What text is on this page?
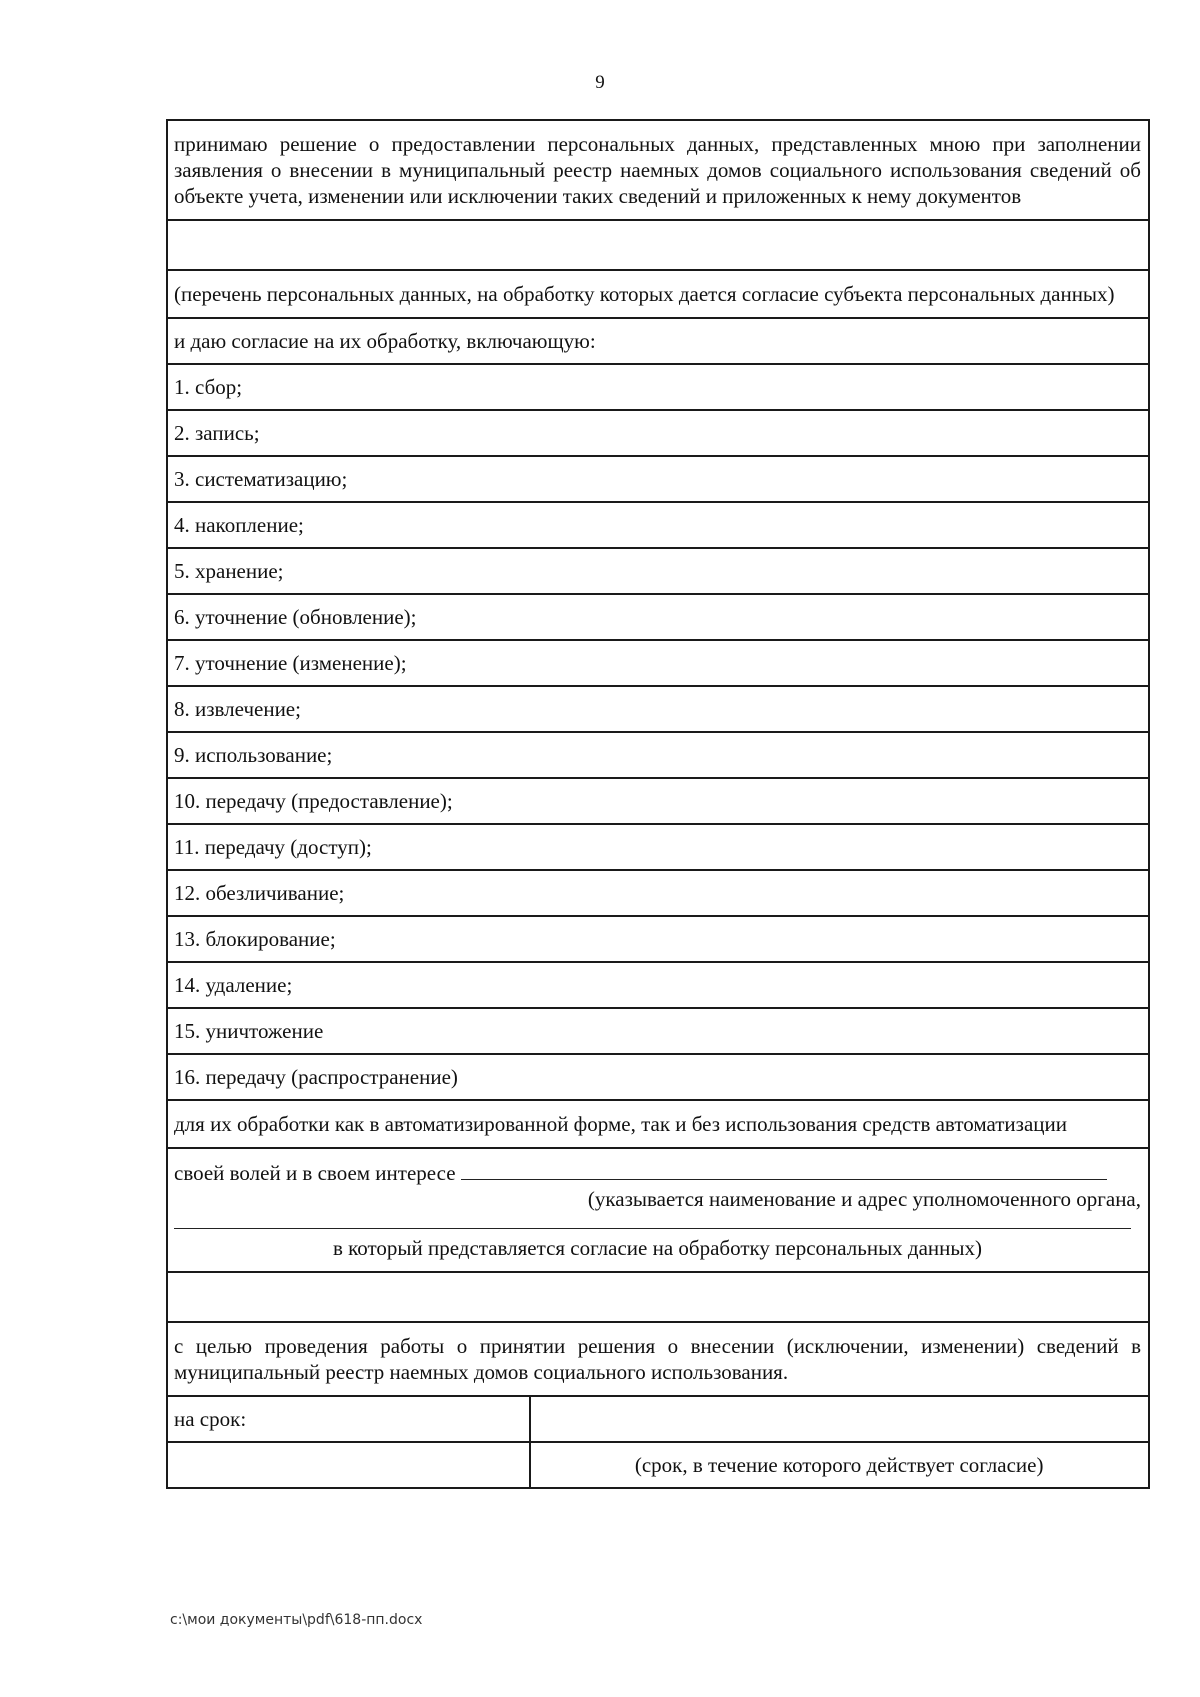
9
принимаю решение о предоставлении персональных данных, представленных мною при заполнении заявления о внесении в муниципальный реестр наемных домов социального использования сведений об объекте учета, изменении или исключении таких сведений и приложенных к нему документов	

(перечень персональных данных, на обработку которых дается согласие субъекта персональных данных)	
и даю согласие на их обработку, включающую:	
1. сбор;	
2. запись;	
3. систематизацию;	
4. накопление;	
5. хранение;	
6. уточнение (обновление);	
7. уточнение (изменение);	
8. извлечение;	
9. использование;	
10. передачу (предоставление);	
11. передачу (доступ);	
12. обезличивание;	
13. блокирование;	
14. удаление;	
15. уничтожение	
16. передачу (распространение)	
для их обработки как в автоматизированной форме, так и без использования средств автоматизации	

своей волей и в своем интересе
(указывается наименование и адрес уполномоченного органа,
в который представляется согласие на обработку персональных данных)	

с целью проведения работы о принятии решения о внесении (исключении, изменении) сведений в муниципальный реестр наемных домов социального использования.	
на срок:	
	(срок, в течение которого действует согласие)
c:\мои документы\pdf\618-пп.docx
